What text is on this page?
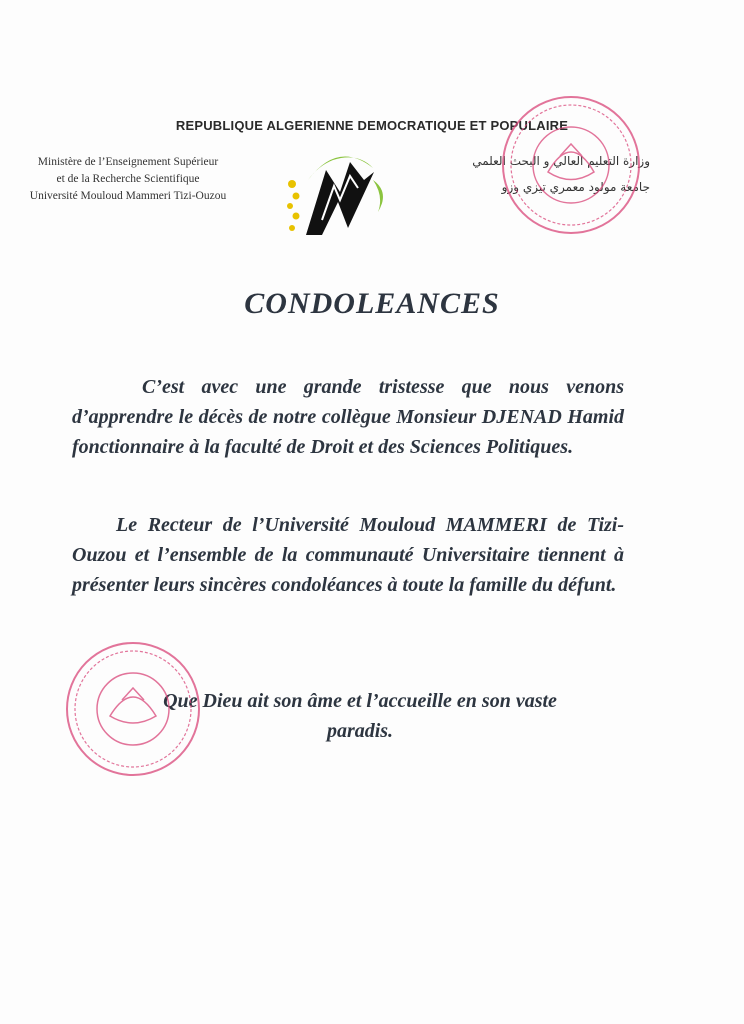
REPUBLIQUE ALGERIENNE DEMOCRATIQUE ET POPULAIRE
Ministère de l’Enseignement Supérieur
et de la Recherche Scientifique
Université Mouloud Mammeri Tizi-Ouzou
وزارة التعليم العالي و البحث العلمي
جامعة مولود معمري تيزي وزو
CONDOLEANCES
C’est avec une grande tristesse que nous venons d’apprendre le décès de notre collègue Monsieur DJENAD Hamid fonctionnaire à la faculté de Droit et des Sciences Politiques.
Le Recteur de l’Université Mouloud MAMMERI de Tizi-Ouzou et l’ensemble de la communauté Universitaire tiennent à présenter leurs sincères condoléances à toute la famille du défunt.
Que Dieu ait son âme et l’accueille en son vaste
paradis.
